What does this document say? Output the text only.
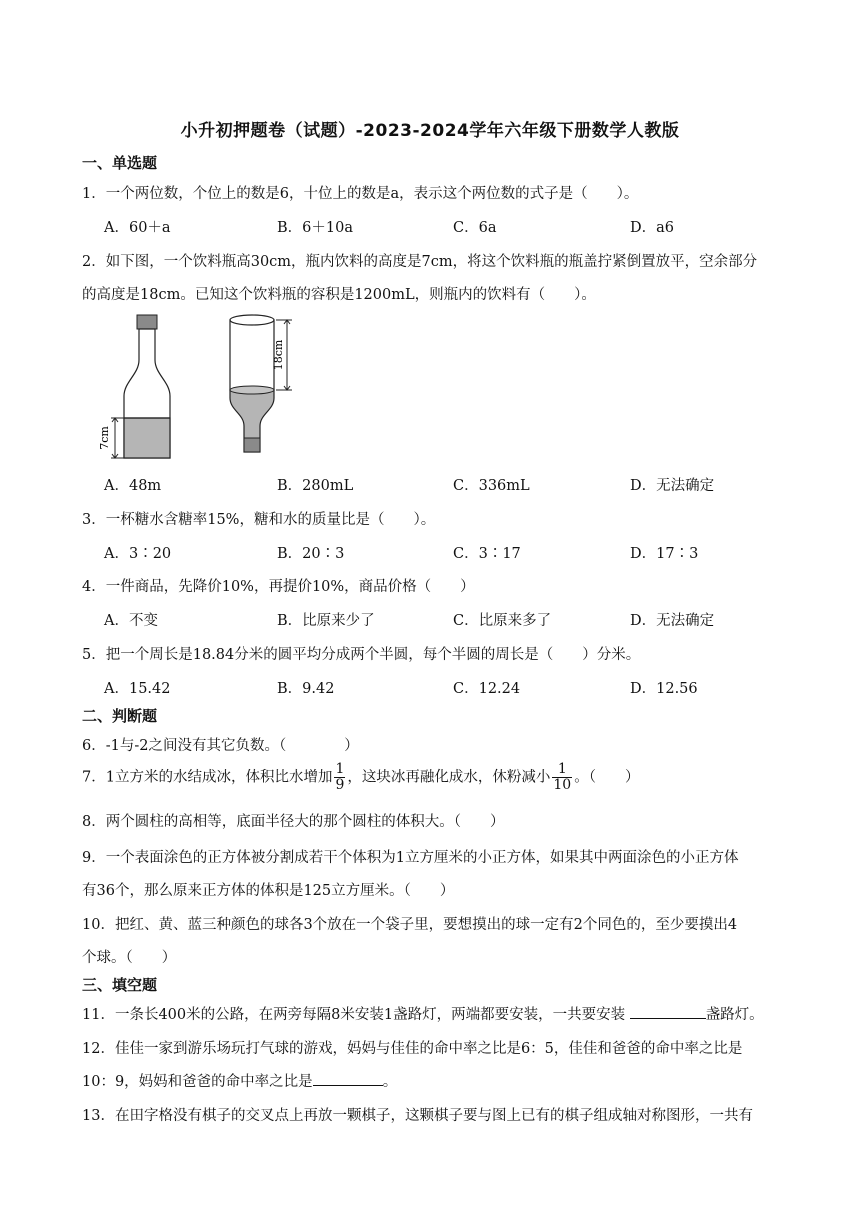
小升初押题卷（试题）-2023-2024学年六年级下册数学人教版
一、单选题
1．一个两位数，个位上的数是6，十位上的数是a，表示这个两位数的式子是（　　）。
A．60＋a	B．6＋10a	C．6a	D．a6
2．如下图，一个饮料瓶高30cm，瓶内饮料的高度是7cm，将这个饮料瓶的瓶盖拧紧倒置放平，空余部分
的高度是18cm。已知这个饮料瓶的容积是1200mL，则瓶内的饮料有（　　）。
7cm
18cm
A．48m	B．280mL	C．336mL	D．无法确定
3．一杯糖水含糖率15%，糖和水的质量比是（　　）。
A．3∶20	B．20∶3	C．3∶17	D．17∶3
4．一件商品，先降价10%，再提价10%，商品价格（　　）
A．不变	B．比原来少了	C．比原来多了	D．无法确定
5．把一个周长是18.84分米的圆平均分成两个半圆，每个半圆的周长是（　　）分米。
A．15.42	B．9.42	C．12.24	D．12.56
二、判断题
6．-1与-2之间没有其它负数。（　　　　）
7．1立方米的水结成冰，体积比水增加 $\frac{1}{9}$ ，这块冰再融化成水，休粉减小 $\frac{1}{10}$ 。（　　）
8．两个圆柱的高相等，底面半径大的那个圆柱的体积大。（　　）
9．一个表面涂色的正方体被分割成若干个体积为1立方厘米的小正方体，如果其中两面涂色的小正方体
有36个，那么原来正方体的体积是125立方厘米。（　　）
10．把红、黄、蓝三种颜色的球各3个放在一个袋子里，要想摸出的球一定有2个同色的，至少要摸出4
个球。（　　）
三、填空题
11．一条长400米的公路，在两旁每隔8米安装1盏路灯，两端都要安装，一共要安装	盏路灯。
12．佳佳一家到游乐场玩打气球的游戏，妈妈与佳佳的命中率之比是6：5，佳佳和爸爸的命中率之比是
10：9，妈妈和爸爸的命中率之比是	。
13．在田字格没有棋子的交叉点上再放一颗棋子，这颗棋子要与图上已有的棋子组成轴对称图形，一共有
